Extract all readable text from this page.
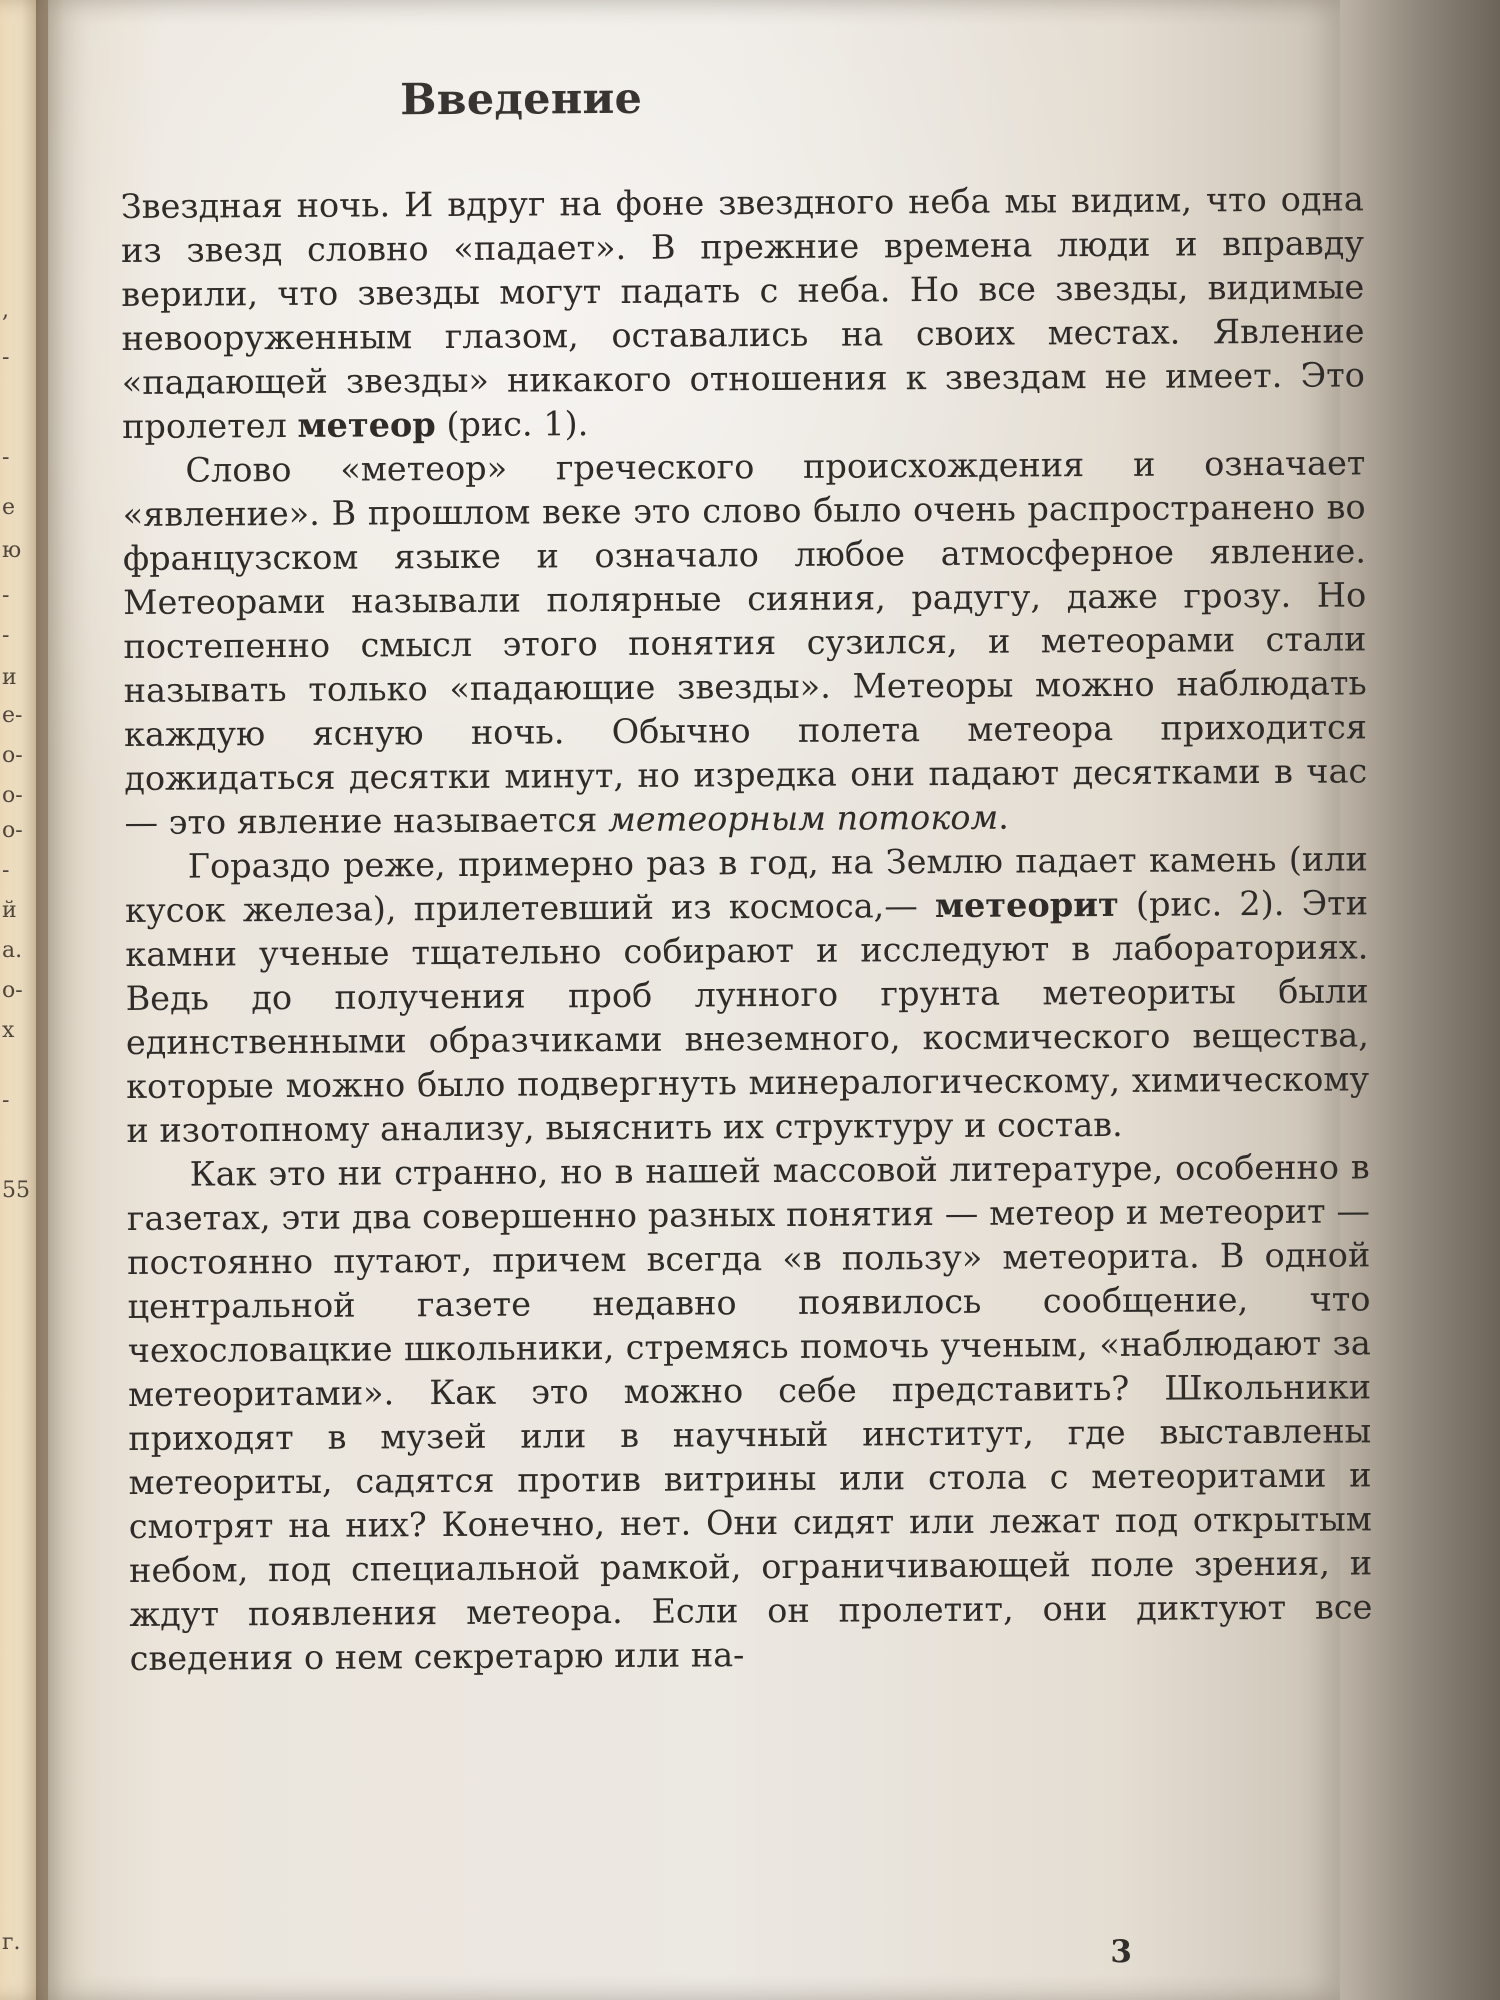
,
-
-
е
ю
-
-
и
e-
o-
o-
o-
-
й
a.
o-
х
-
55
г.
Введение

Звездная ночь. И вдруг на фоне звездного неба мы видим, что одна из звезд словно «падает». В прежние времена люди и вправду верили, что звезды могут падать с неба. Но все звезды, видимые невооруженным глазом, оставались на своих местах. Явление «падающей звезды» никакого отношения к звездам не имеет. Это пролетел метеор (рис. 1).

Слово «метеор» греческого происхождения и означает «явление». В прошлом веке это слово было очень распространено во французском языке и означало любое атмосферное явление. Метеорами называли полярные сияния, радугу, даже грозу. Но постепенно смысл этого понятия сузился, и метеорами стали называть только «падающие звезды». Метеоры можно наблюдать каждую ясную ночь. Обычно полета метеора приходится дожидаться десятки минут, но изредка они падают десятками в час — это явление называется метеорным потоком.

Гораздо реже, примерно раз в год, на Землю падает камень (или кусок железа), прилетевший из космоса,— метеорит (рис. 2). Эти камни ученые тщательно собирают и исследуют в лабораториях. Ведь до получения проб лунного грунта метеориты были единственными образчиками внеземного, космического вещества, которые можно было подвергнуть минералогическому, химическому и изотопному анализу, выяснить их структуру и состав.

Как это ни странно, но в нашей массовой литературе, особенно в газетах, эти два совершенно разных понятия — метеор и метеорит — постоянно путают, причем всегда «в пользу» метеорита. В одной центральной газете недавно появилось сообщение, что чехословацкие школьники, стремясь помочь ученым, «наблюдают за метеоритами». Как это можно себе представить? Школьники приходят в музей или в научный институт, где выставлены метеориты, садятся против витрины или стола с метеоритами и смотрят на них? Конечно, нет. Они сидят или лежат под открытым небом, под специальной рамкой, ограничивающей поле зрения, и ждут появления метеора. Если он пролетит, они диктуют все сведения о нем секретарю или на-

3
